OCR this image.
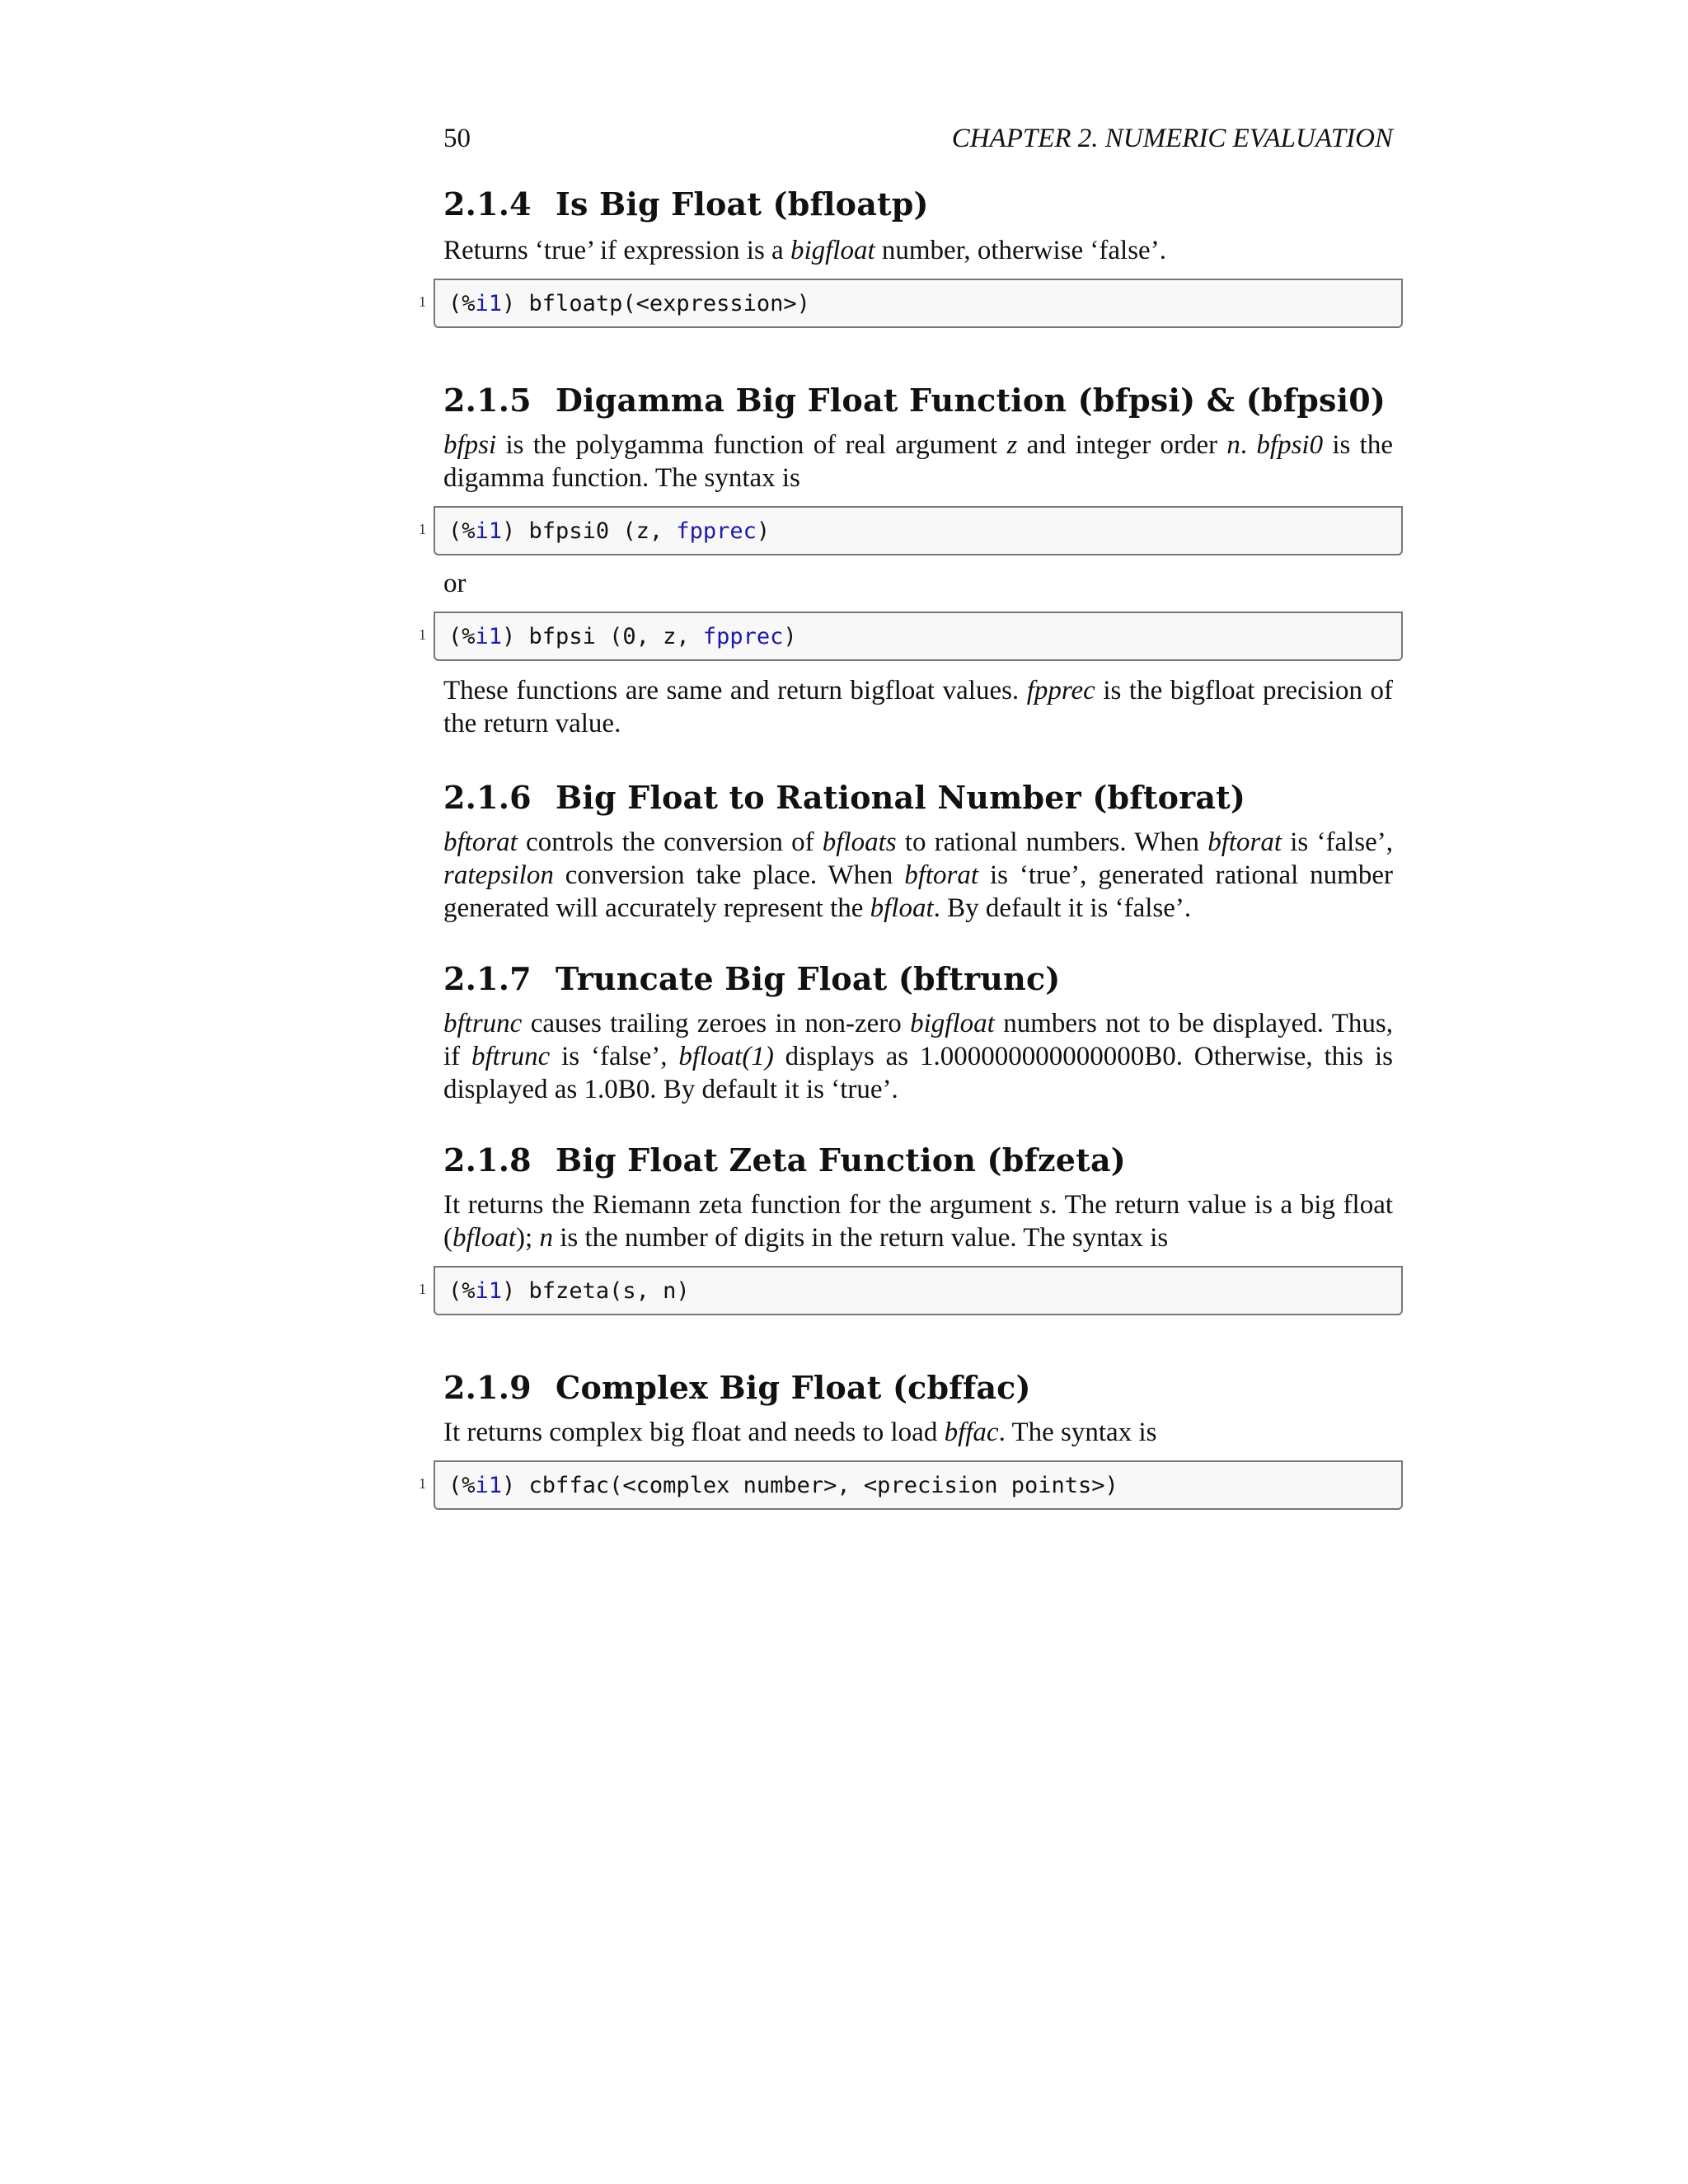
50	CHAPTER 2. NUMERIC EVALUATION
2.1.4 Is Big Float (bfloatp)

Returns ‘true’ if expression is a bigfloat number, otherwise ‘false’.

1 (% i1 ) bfloatp(<expression>)
2.1.5 Digamma Big Float Function (bfpsi) & (bfpsi0)

bfpsi is the polygamma function of real argument z and integer order n. bfpsi0 is the digamma function. The syntax is

1 (% i1 ) bfpsi0 (z, fpprec )

or

1 (% i1 ) bfpsi (0, z, fpprec )

These functions are same and return bigfloat values. fpprec is the bigfloat precision of the return value.

2.1.6 Big Float to Rational Number (bftorat)

bftorat controls the conversion of bfloats to rational numbers. When bftorat is ‘false’, ratepsilon conversion take place. When bftorat is ‘true’, generated rational number generated will accurately represent the bfloat. By default it is ‘false’.

2.1.7 Truncate Big Float (bftrunc)

bftrunc causes trailing zeroes in non-zero bigfloat numbers not to be displayed. Thus, if bftrunc is ‘false’, bfloat(1) displays as 1.000000000000000B0. Otherwise, this is displayed as 1.0B0. By default it is ‘true’.

2.1.8 Big Float Zeta Function (bfzeta)

It returns the Riemann zeta function for the argument s. The return value is a big float (bfloat); n is the number of digits in the return value. The syntax is

1 (% i1 ) bfzeta(s, n)
2.1.9 Complex Big Float (cbffac)

It returns complex big float and needs to load bffac. The syntax is

1 (% i1 ) cbffac(<complex number>, <precision points>)
